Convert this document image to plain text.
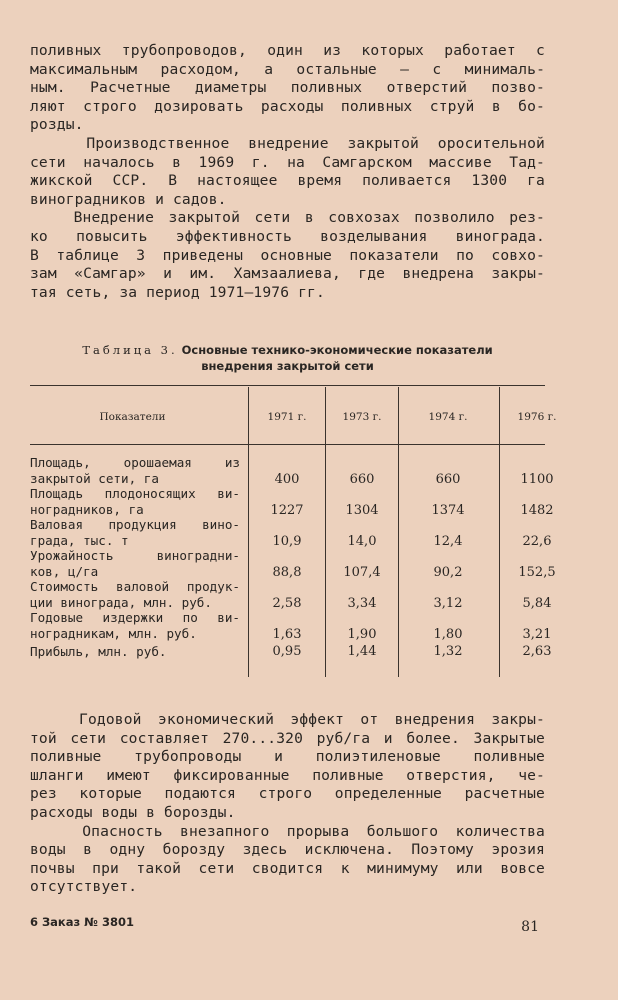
поливных трубопроводов, один из которых работает с
максимальным расходом, а остальные — с минималь-
ным. Расчетные диаметры поливных отверстий позво-
ляют строго дозировать расходы поливных струй в бо-
розды.

Производственное внедрение закрытой оросительной
сети началось в 1969 г. на Самгарском массиве Тад-
жикской ССР. В настоящее время поливается 1300 га
виноградников и садов.

Внедрение закрытой сети в совхозах позволило рез-
ко повысить эффективность возделывания винограда.
В таблице 3 приведены основные показатели по совхо-
зам «Самгар» и им. Хамзаалиева, где внедрена закры-
тая сеть, за период 1971—1976 гг.

Таблица 3. Основные технико-экономические показатели
внедрения закрытой сети
Показатели	1971 г.	1973 г.	1974 г.	1976 г.
Площадь, орошаемая из
закрытой сети, га	400	660	660	1100
Площадь плодоносящих ви-
ноградников, га	1227	1304	1374	1482
Валовая продукция вино-
града, тыс. т	10,9	14,0	12,4	22,6
Урожайность виноградни-
ков, ц/га	88,8	107,4	90,2	152,5
Стоимость валовой продук-
ции винограда, млн. руб.	2,58	3,34	3,12	5,84
Годовые издержки по ви-
ноградникам, млн. руб.	1,63	1,90	1,80	3,21
Прибыль, млн. руб.	0,95	1,44	1,32	2,63

Годовой экономический эффект от внедрения закры-
той сети составляет 270...320 руб/га и более. Закрытые
поливные трубопроводы и полиэтиленовые поливные
шланги имеют фиксированные поливные отверстия, че-
рез которые подаются строго определенные расчетные
расходы воды в борозды.

Опасность внезапного прорыва большого количества
воды в одну борозду здесь исключена. Поэтому эрозия
почвы при такой сети сводится к минимуму или вовсе
отсутствует.

6 Заказ № 3801	81
